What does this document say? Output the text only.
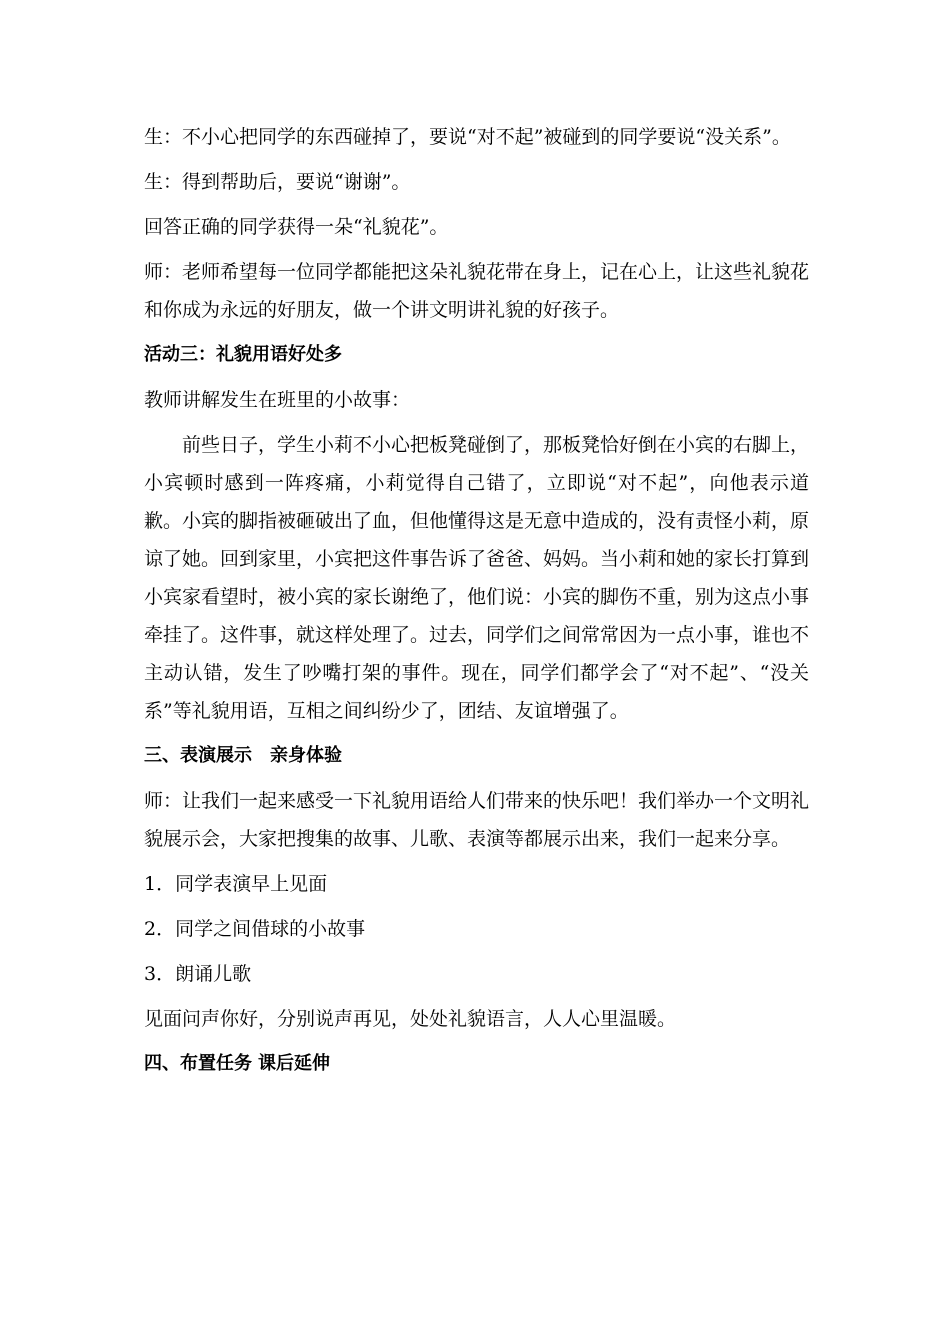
生：不小心把同学的东西碰掉了，要说“对不起”被碰到的同学要说“没关系”。

生：得到帮助后，要说“谢谢”。

回答正确的同学获得一朵“礼貌花”。

师：老师希望每一位同学都能把这朵礼貌花带在身上，记在心上，让这些礼貌花和你成为永远的好朋友，做一个讲文明讲礼貌的好孩子。

活动三：礼貌用语好处多

教师讲解发生在班里的小故事：

前些日子，学生小莉不小心把板凳碰倒了，那板凳恰好倒在小宾的右脚上，小宾顿时感到一阵疼痛，小莉觉得自己错了，立即说“对不起”，向他表示道歉。小宾的脚指被砸破出了血，但他懂得这是无意中造成的，没有责怪小莉，原谅了她。回到家里，小宾把这件事告诉了爸爸、妈妈。当小莉和她的家长打算到小宾家看望时，被小宾的家长谢绝了，他们说：小宾的脚伤不重，别为这点小事牵挂了。这件事，就这样处理了。过去，同学们之间常常因为一点小事，谁也不主动认错，发生了吵嘴打架的事件。现在，同学们都学会了“对不起”、“没关系”等礼貌用语，互相之间纠纷少了，团结、友谊增强了。

三、表演展示 亲身体验

师：让我们一起来感受一下礼貌用语给人们带来的快乐吧！我们举办一个文明礼貌展示会，大家把搜集的故事、儿歌、表演等都展示出来，我们一起来分享。

1．同学表演早上见面

2．同学之间借球的小故事

3．朗诵儿歌

见面问声你好，分别说声再见，处处礼貌语言，人人心里温暖。

四、布置任务 课后延伸
